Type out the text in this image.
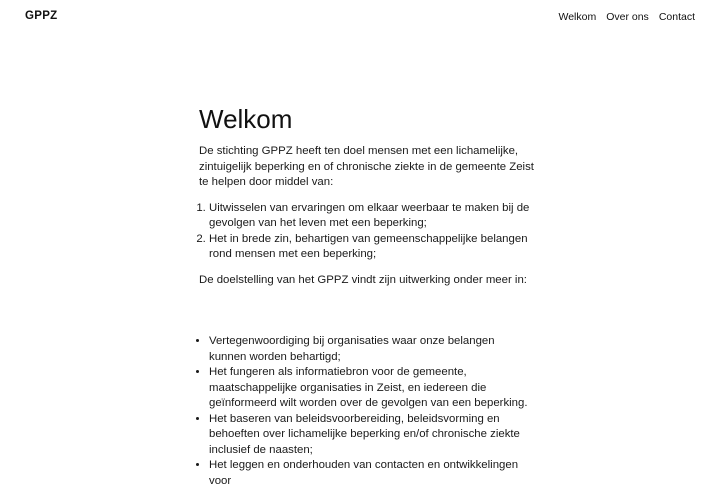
GPPZ	Welkom Over ons Contact
Welkom

De stichting GPPZ heeft ten doel mensen met een lichamelijke, zintuigelijk beperking en of chronische ziekte in de gemeente Zeist te helpen door middel van:

1. Uitwisselen van ervaringen om elkaar weerbaar te maken bij de gevolgen van het leven met een beperking;
2. Het in brede zin, behartigen van gemeenschappelijke belangen rond mensen met een beperking;

De doelstelling van het GPPZ vindt zijn uitwerking onder meer in:

• Vertegenwoordiging bij organisaties waar onze belangen kunnen worden behartigd;
• Het fungeren als informatiebron voor de gemeente, maatschappelijke organisaties in Zeist, en iedereen die geïnformeerd wilt worden over de gevolgen van een beperking.
• Het baseren van beleidsvoorbereiding, beleidsvorming en behoeften over lichamelijke beperking en/of chronische ziekte inclusief de naasten;
• Het leggen en onderhouden van contacten en ontwikkelingen voor
